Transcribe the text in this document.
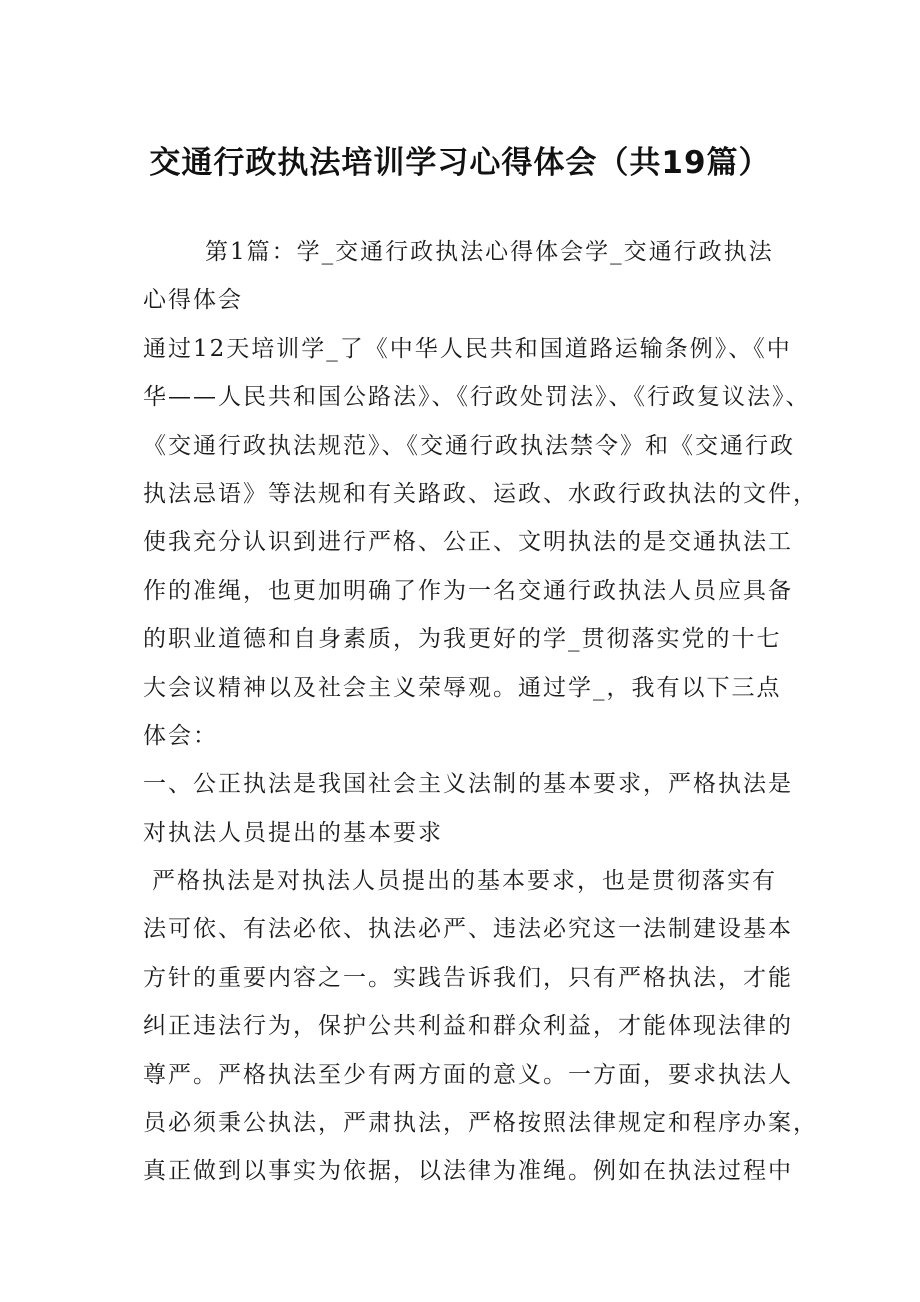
交通行政执法培训学习心得体会（共19篇）
第1篇：学_交通行政执法心得体会学_交通行政执法
心得体会
通过12天培训学_了《中华人民共和国道路运输条例》、《中
华——人民共和国公路法》、《行政处罚法》、《行政复议法》、
《交通行政执法规范》、《交通行政执法禁令》和《交通行政
执法忌语》等法规和有关路政、运政、水政行政执法的文件，
使我充分认识到进行严格、公正、文明执法的是交通执法工
作的准绳，也更加明确了作为一名交通行政执法人员应具备
的职业道德和自身素质，为我更好的学_贯彻落实党的十七
大会议精神以及社会主义荣辱观。通过学_，我有以下三点
体会：
一、公正执法是我国社会主义法制的基本要求，严格执法是
对执法人员提出的基本要求
严格执法是对执法人员提出的基本要求，也是贯彻落实有
法可依、有法必依、执法必严、违法必究这一法制建设基本
方针的重要内容之一。实践告诉我们，只有严格执法，才能
纠正违法行为，保护公共利益和群众利益，才能体现法律的
尊严。严格执法至少有两方面的意义。一方面，要求执法人
员必须秉公执法，严肃执法，严格按照法律规定和程序办案，
真正做到以事实为依据，以法律为准绳。例如在执法过程中
